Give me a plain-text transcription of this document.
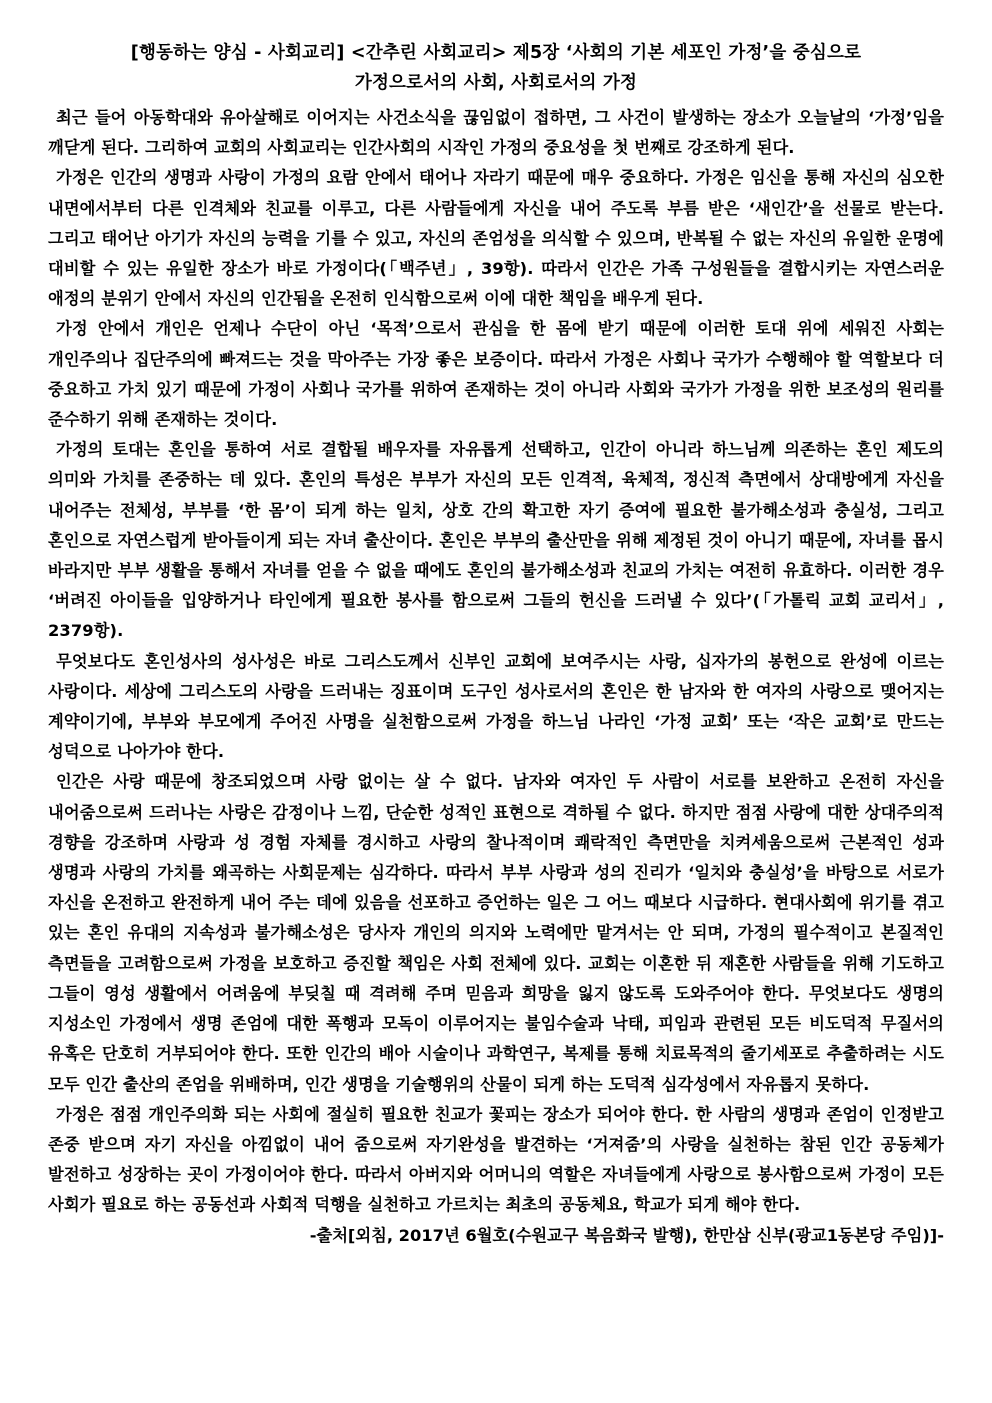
[행동하는 양심 - 사회교리] <간추린 사회교리> 제5장 ‘사회의 기본 세포인 가정’을 중심으로
가정으로서의 사회, 사회로서의 가정

최근 들어 아동학대와 유아살해로 이어지는 사건소식을 끊임없이 접하면, 그 사건이 발생하는 장소가 오늘날의 ‘가정’임을 깨닫게 된다. 그리하여 교회의 사회교리는 인간사회의 시작인 가정의 중요성을 첫 번째로 강조하게 된다.

가정은 인간의 생명과 사랑이 가정의 요람 안에서 태어나 자라기 때문에 매우 중요하다. 가정은 임신을 통해 자신의 심오한 내면에서부터 다른 인격체와 친교를 이루고, 다른 사람들에게 자신을 내어 주도록 부름 받은 ‘새인간’을 선물로 받는다. 그리고 태어난 아기가 자신의 능력을 기를 수 있고, 자신의 존엄성을 의식할 수 있으며, 반복될 수 없는 자신의 유일한 운명에 대비할 수 있는 유일한 장소가 바로 가정이다(「백주년」, 39항). 따라서 인간은 가족 구성원들을 결합시키는 자연스러운 애정의 분위기 안에서 자신의 인간됨을 온전히 인식함으로써 이에 대한 책임을 배우게 된다.

가정 안에서 개인은 언제나 수단이 아닌 ‘목적’으로서 관심을 한 몸에 받기 때문에 이러한 토대 위에 세워진 사회는 개인주의나 집단주의에 빠져드는 것을 막아주는 가장 좋은 보증이다. 따라서 가정은 사회나 국가가 수행해야 할 역할보다 더 중요하고 가치 있기 때문에 가정이 사회나 국가를 위하여 존재하는 것이 아니라 사회와 국가가 가정을 위한 보조성의 원리를 준수하기 위해 존재하는 것이다.

가정의 토대는 혼인을 통하여 서로 결합될 배우자를 자유롭게 선택하고, 인간이 아니라 하느님께 의존하는 혼인 제도의 의미와 가치를 존중하는 데 있다. 혼인의 특성은 부부가 자신의 모든 인격적, 육체적, 정신적 측면에서 상대방에게 자신을 내어주는 전체성, 부부를 ‘한 몸’이 되게 하는 일치, 상호 간의 확고한 자기 증여에 필요한 불가해소성과 충실성, 그리고 혼인으로 자연스럽게 받아들이게 되는 자녀 출산이다. 혼인은 부부의 출산만을 위해 제정된 것이 아니기 때문에, 자녀를 몹시 바라지만 부부 생활을 통해서 자녀를 얻을 수 없을 때에도 혼인의 불가해소성과 친교의 가치는 여전히 유효하다. 이러한 경우 ‘버려진 아이들을 입양하거나 타인에게 필요한 봉사를 함으로써 그들의 헌신을 드러낼 수 있다’(「가톨릭 교회 교리서」, 2379항).

무엇보다도 혼인성사의 성사성은 바로 그리스도께서 신부인 교회에 보여주시는 사랑, 십자가의 봉헌으로 완성에 이르는 사랑이다. 세상에 그리스도의 사랑을 드러내는 징표이며 도구인 성사로서의 혼인은 한 남자와 한 여자의 사랑으로 맺어지는 계약이기에, 부부와 부모에게 주어진 사명을 실천함으로써 가정을 하느님 나라인 ‘가정 교회’ 또는 ‘작은 교회’로 만드는 성덕으로 나아가야 한다.

인간은 사랑 때문에 창조되었으며 사랑 없이는 살 수 없다. 남자와 여자인 두 사람이 서로를 보완하고 온전히 자신을 내어줌으로써 드러나는 사랑은 감정이나 느낌, 단순한 성적인 표현으로 격하될 수 없다. 하지만 점점 사랑에 대한 상대주의적 경향을 강조하며 사랑과 성 경험 자체를 경시하고 사랑의 찰나적이며 쾌락적인 측면만을 치켜세움으로써 근본적인 성과 생명과 사랑의 가치를 왜곡하는 사회문제는 심각하다. 따라서 부부 사랑과 성의 진리가 ‘일치와 충실성’을 바탕으로 서로가 자신을 온전하고 완전하게 내어 주는 데에 있음을 선포하고 증언하는 일은 그 어느 때보다 시급하다. 현대사회에 위기를 겪고 있는 혼인 유대의 지속성과 불가해소성은 당사자 개인의 의지와 노력에만 맡겨서는 안 되며, 가정의 필수적이고 본질적인 측면들을 고려함으로써 가정을 보호하고 증진할 책임은 사회 전체에 있다. 교회는 이혼한 뒤 재혼한 사람들을 위해 기도하고 그들이 영성 생활에서 어려움에 부딪칠 때 격려해 주며 믿음과 희망을 잃지 않도록 도와주어야 한다. 무엇보다도 생명의 지성소인 가정에서 생명 존엄에 대한 폭행과 모독이 이루어지는 불임수술과 낙태, 피임과 관련된 모든 비도덕적 무질서의 유혹은 단호히 거부되어야 한다. 또한 인간의 배아 시술이나 과학연구, 복제를 통해 치료목적의 줄기세포로 추출하려는 시도 모두 인간 출산의 존엄을 위배하며, 인간 생명을 기술행위의 산물이 되게 하는 도덕적 심각성에서 자유롭지 못하다.

가정은 점점 개인주의화 되는 사회에 절실히 필요한 친교가 꽃피는 장소가 되어야 한다. 한 사람의 생명과 존엄이 인정받고 존중 받으며 자기 자신을 아낌없이 내어 줌으로써 자기완성을 발견하는 ‘거져줌’의 사랑을 실천하는 참된 인간 공동체가 발전하고 성장하는 곳이 가정이어야 한다. 따라서 아버지와 어머니의 역할은 자녀들에게 사랑으로 봉사함으로써 가정이 모든 사회가 필요로 하는 공동선과 사회적 덕행을 실천하고 가르치는 최초의 공동체요, 학교가 되게 해야 한다.

-출처[외침, 2017년 6월호(수원교구 복음화국 발행), 한만삼 신부(광교1동본당 주임)]-
